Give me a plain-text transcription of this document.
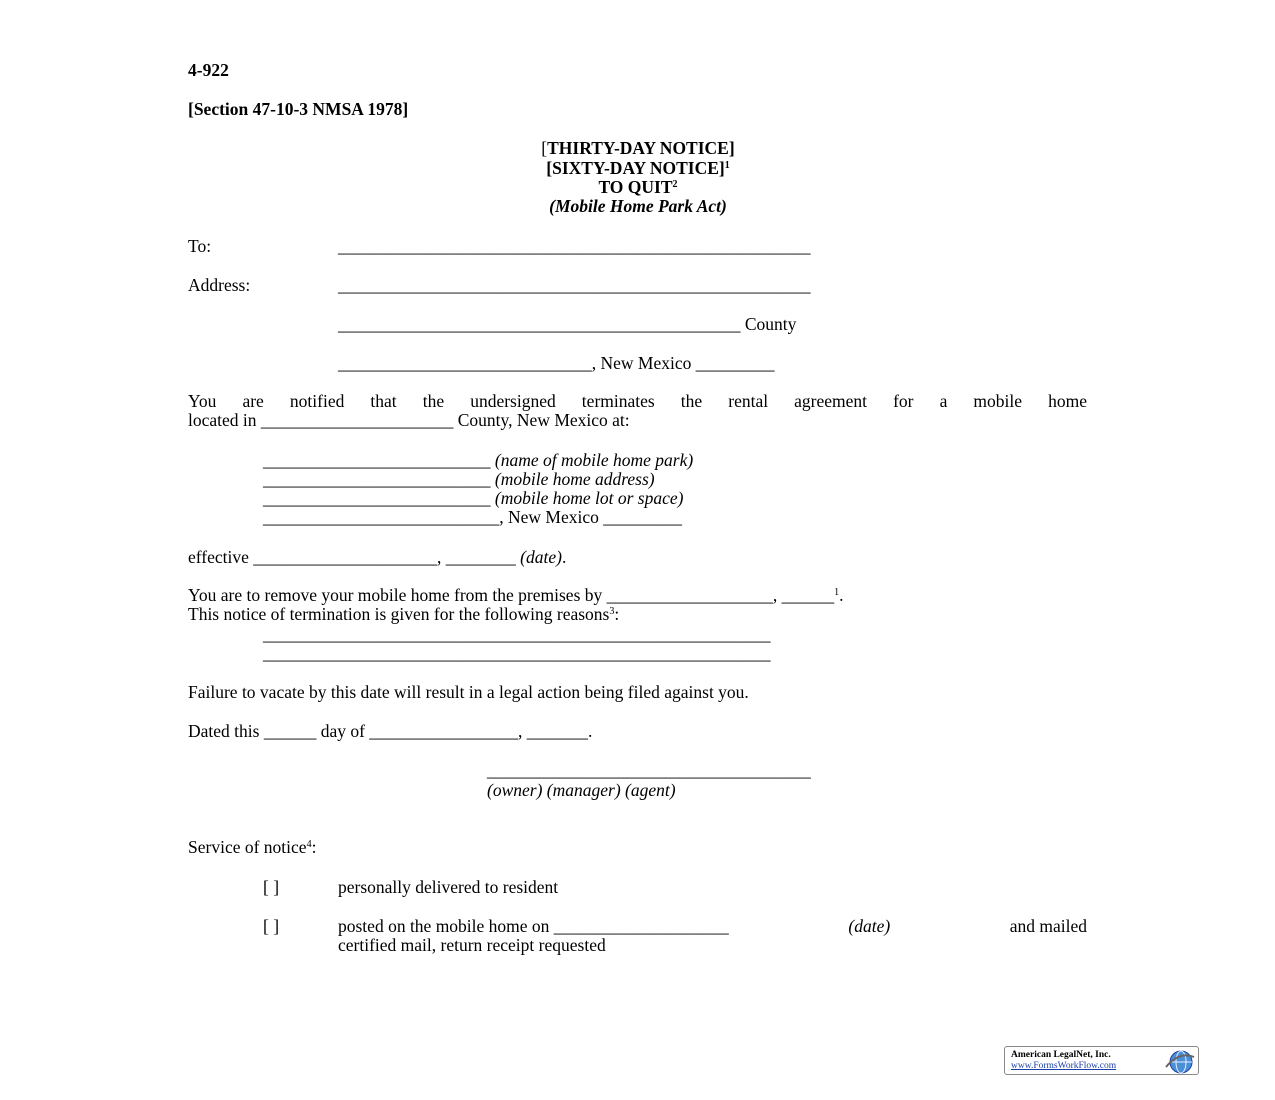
4-922
[Section 47-10-3 NMSA 1978]
[THIRTY-DAY NOTICE]
[SIXTY-DAY NOTICE]$^1$
TO QUIT$^2$
(Mobile Home Park Act)
To:	______________________________________________________
Address:	______________________________________________________
______________________________________________ County
_____________________________, New Mexico _________
You are notified that the undersigned terminates the rental agreement for a mobile home
located in ______________________ County, New Mexico at:
__________________________ (name of mobile home park)
__________________________ (mobile home address)
__________________________ (mobile home lot or space)
___________________________, New Mexico _________
effective _____________________, ________ (date).
You are to remove your mobile home from the premises by ___________________, ______$^1$.
This notice of termination is given for the following reasons$^3$:
__________________________________________________________
__________________________________________________________
Failure to vacate by this date will result in a legal action being filed against you.
Dated this ______ day of _________________, _______.
_____________________________________
(owner) (manager) (agent)
Service of notice$^4$:
[ ]	personally delivered to resident
[ ]	posted on the mobile home on ____________________	(date)	and mailed
certified mail, return receipt requested
American LegalNet, Inc.
www.FormsWorkFlow.com
